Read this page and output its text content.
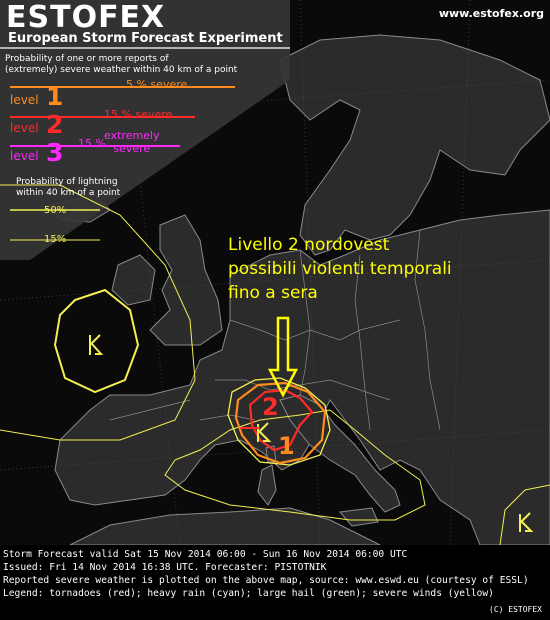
ESTOFEX
European Storm Forecast Experiment
www.estofex.org
Probability of one or more reports of
(extremely) severe weather within 40 km of a point
level 1	5 % severe
level 2	15 % severe
level 3 15 %
extremely
severe
Probability of lightning
within 40 km of a point
50%
15%
2
1
Livello 2 nordovest
possibili violenti temporali
fino a sera
Storm Forecast valid Sat 15 Nov 2014 06:00 - Sun 16 Nov 2014 06:00 UTC
Issued: Fri 14 Nov 2014 16:38 UTC. Forecaster: PISTOTNIK
Reported severe weather is plotted on the above map, source: www.eswd.eu (courtesy of ESSL)
Legend: tornadoes (red); heavy rain (cyan); large hail (green); severe winds (yellow)
(C) ESTOFEX
